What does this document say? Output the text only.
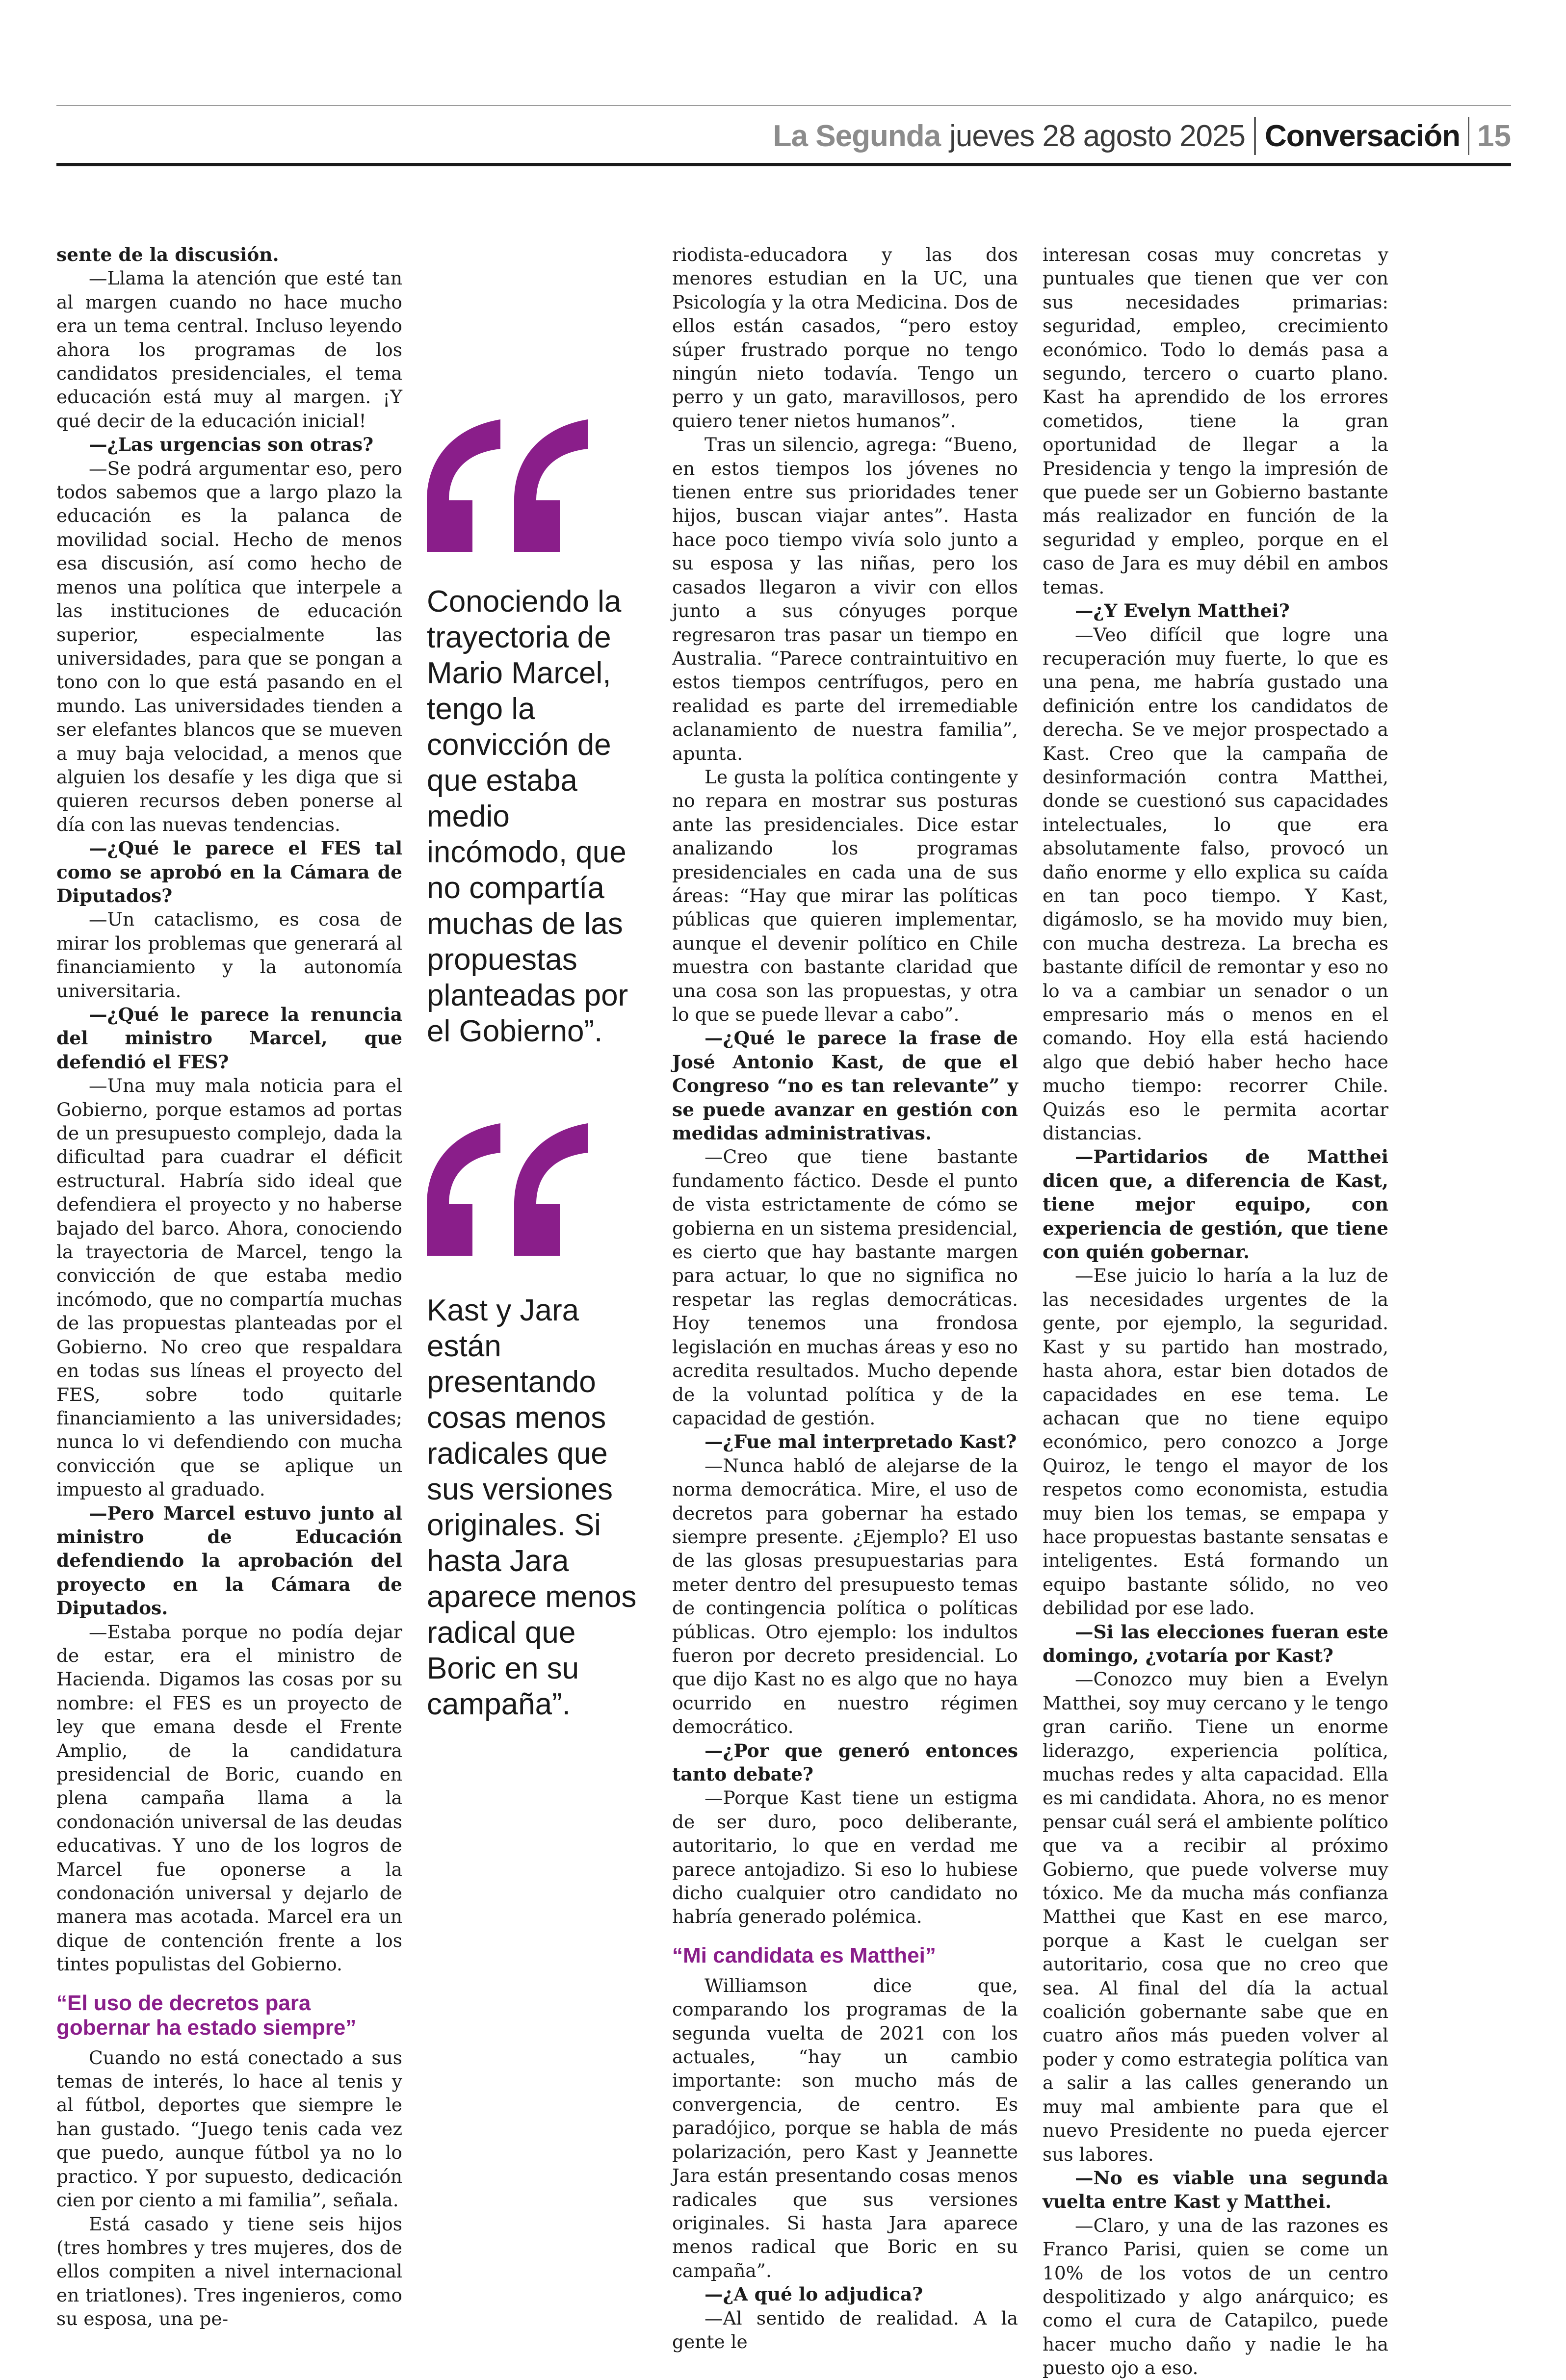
La Segunda jueves 28 agosto 2025 Conversación 15

sente de la discusión.

—Llama la atención que esté tan al margen cuando no hace mucho era un tema central. Incluso leyendo ahora los programas de los candidatos presidenciales, el tema educación está muy al margen. ¡Y qué decir de la educación inicial!

—¿Las urgencias son otras?

—Se podrá argumentar eso, pero todos sabemos que a largo plazo la educación es la palanca de movilidad social. Hecho de menos esa discusión, así como hecho de menos una política que interpele a las instituciones de educación superior, especialmente las universidades, para que se pongan a tono con lo que está pasando en el mundo. Las universidades tienden a ser elefantes blancos que se mueven a muy baja velocidad, a menos que alguien los desafíe y les diga que si quieren recursos deben ponerse al día con las nuevas tendencias.

—¿Qué le parece el FES tal como se aprobó en la Cámara de Diputados?

—Un cataclismo, es cosa de mirar los problemas que generará al financiamiento y la autonomía universitaria.

—¿Qué le parece la renuncia del ministro Marcel, que defendió el FES?

—Una muy mala noticia para el Gobierno, porque estamos ad portas de un presupuesto complejo, dada la dificultad para cuadrar el déficit estructural. Habría sido ideal que defendiera el proyecto y no haberse bajado del barco. Ahora, conociendo la trayectoria de Marcel, tengo la convicción de que estaba medio incómodo, que no compartía muchas de las propuestas planteadas por el Gobierno. No creo que respaldara en todas sus líneas el proyecto del FES, sobre todo quitarle financiamiento a las universidades; nunca lo vi defendiendo con mucha convicción que se aplique un impuesto al graduado.

—Pero Marcel estuvo junto al ministro de Educación defendiendo la aprobación del proyecto en la Cámara de Diputados.

—Estaba porque no podía dejar de estar, era el ministro de Hacienda. Digamos las cosas por su nombre: el FES es un proyecto de ley que emana desde el Frente Amplio, de la candidatura presidencial de Boric, cuando en plena campaña llama a la condonación universal de las deudas educativas. Y uno de los logros de Marcel fue oponerse a la condonación universal y dejarlo de manera mas acotada. Marcel era un dique de contención frente a los tintes populistas del Gobierno.

“El uso de decretos para gobernar ha estado siempre”

Cuando no está conectado a sus temas de interés, lo hace al tenis y al fútbol, deportes que siempre le han gustado. “Juego tenis cada vez que puedo, aunque fútbol ya no lo practico. Y por supuesto, dedicación cien por ciento a mi familia”, señala.

Está casado y tiene seis hijos (tres hombres y tres mujeres, dos de ellos compiten a nivel internacional en triatlones). Tres ingenieros, como su esposa, una pe-

riodista-educadora y las dos menores estudian en la UC, una Psicología y la otra Medicina. Dos de ellos están casados, “pero estoy súper frustrado porque no tengo ningún nieto todavía. Tengo un perro y un gato, maravillosos, pero quiero tener nietos humanos”.

Tras un silencio, agrega: “Bueno, en estos tiempos los jóvenes no tienen entre sus prioridades tener hijos, buscan viajar antes”. Hasta hace poco tiempo vivía solo junto a su esposa y las niñas, pero los casados llegaron a vivir con ellos junto a sus cónyuges porque regresaron tras pasar un tiempo en Australia. “Parece contraintuitivo en estos tiempos centrífugos, pero en realidad es parte del irremediable aclanamiento de nuestra familia”, apunta.

Le gusta la política contingente y no repara en mostrar sus posturas ante las presidenciales. Dice estar analizando los programas presidenciales en cada una de sus áreas: “Hay que mirar las políticas públicas que quieren implementar, aunque el devenir político en Chile muestra con bastante claridad que una cosa son las propuestas, y otra lo que se puede llevar a cabo”.

—¿Qué le parece la frase de José Antonio Kast, de que el Congreso “no es tan relevante” y se puede avanzar en gestión con medidas administrativas.

—Creo que tiene bastante fundamento fáctico. Desde el punto de vista estrictamente de cómo se gobierna en un sistema presidencial, es cierto que hay bastante margen para actuar, lo que no significa no respetar las reglas democráticas. Hoy tenemos una frondosa legislación en muchas áreas y eso no acredita resultados. Mucho depende de la voluntad política y de la capacidad de gestión.

—¿Fue mal interpretado Kast?

—Nunca habló de alejarse de la norma democrática. Mire, el uso de decretos para gobernar ha estado siempre presente. ¿Ejemplo? El uso de las glosas presupuestarias para meter dentro del presupuesto temas de contingencia política o políticas públicas. Otro ejemplo: los indultos fueron por decreto presidencial. Lo que dijo Kast no es algo que no haya ocurrido en nuestro régimen democrático.

—¿Por que generó entonces tanto debate?

—Porque Kast tiene un estigma de ser duro, poco deliberante, autoritario, lo que en verdad me parece antojadizo. Si eso lo hubiese dicho cualquier otro candidato no habría generado polémica.

“Mi candidata es Matthei”

Williamson dice que, comparando los programas de la segunda vuelta de 2021 con los actuales, “hay un cambio importante: son mucho más de convergencia, de centro. Es paradójico, porque se habla de más polarización, pero Kast y Jeannette Jara están presentando cosas menos radicales que sus versiones originales. Si hasta Jara aparece menos radical que Boric en su campaña”.

—¿A qué lo adjudica?

—Al sentido de realidad. A la gente le

interesan cosas muy concretas y puntuales que tienen que ver con sus necesidades primarias: seguridad, empleo, crecimiento económico. Todo lo demás pasa a segundo, tercero o cuarto plano. Kast ha aprendido de los errores cometidos, tiene la gran oportunidad de llegar a la Presidencia y tengo la impresión de que puede ser un Gobierno bastante más realizador en función de la seguridad y empleo, porque en el caso de Jara es muy débil en ambos temas.

—¿Y Evelyn Matthei?

—Veo difícil que logre una recuperación muy fuerte, lo que es una pena, me habría gustado una definición entre los candidatos de derecha. Se ve mejor prospectado a Kast. Creo que la campaña de desinformación contra Matthei, donde se cuestionó sus capacidades intelectuales, lo que era absolutamente falso, provocó un daño enorme y ello explica su caída en tan poco tiempo. Y Kast, digámoslo, se ha movido muy bien, con mucha destreza. La brecha es bastante difícil de remontar y eso no lo va a cambiar un senador o un empresario más o menos en el comando. Hoy ella está haciendo algo que debió haber hecho hace mucho tiempo: recorrer Chile. Quizás eso le permita acortar distancias.

—Partidarios de Matthei dicen que, a diferencia de Kast, tiene mejor equipo, con experiencia de gestión, que tiene con quién gobernar.

—Ese juicio lo haría a la luz de las necesidades urgentes de la gente, por ejemplo, la seguridad. Kast y su partido han mostrado, hasta ahora, estar bien dotados de capacidades en ese tema. Le achacan que no tiene equipo económico, pero conozco a Jorge Quiroz, le tengo el mayor de los respetos como economista, estudia muy bien los temas, se empapa y hace propuestas bastante sensatas e inteligentes. Está formando un equipo bastante sólido, no veo debilidad por ese lado.

—Si las elecciones fueran este domingo, ¿votaría por Kast?

—Conozco muy bien a Evelyn Matthei, soy muy cercano y le tengo gran cariño. Tiene un enorme liderazgo, experiencia política, muchas redes y alta capacidad. Ella es mi candidata. Ahora, no es menor pensar cuál será el ambiente político que va a recibir al próximo Gobierno, que puede volverse muy tóxico. Me da mucha más confianza Matthei que Kast en ese marco, porque a Kast le cuelgan ser autoritario, cosa que no creo que sea. Al final del día la actual coalición gobernante sabe que en cuatro años más pueden volver al poder y como estrategia política van a salir a las calles generando un muy mal ambiente para que el nuevo Presidente no pueda ejercer sus labores.

—No es viable una segunda vuelta entre Kast y Matthei.

—Claro, y una de las razones es Franco Parisi, quien se come un 10% de los votos de un centro despolitizado y algo anárquico; es como el cura de Catapilco, puede hacer mucho daño y nadie le ha puesto ojo a eso.

Conociendo la trayectoria de Mario Marcel, tengo la convicción de que estaba medio incómodo, que no compartía muchas de las propuestas planteadas por el Gobierno”.
Kast y Jara están presentando cosas menos radicales que sus versiones originales. Si hasta Jara aparece menos radical que Boric en su campaña”.
